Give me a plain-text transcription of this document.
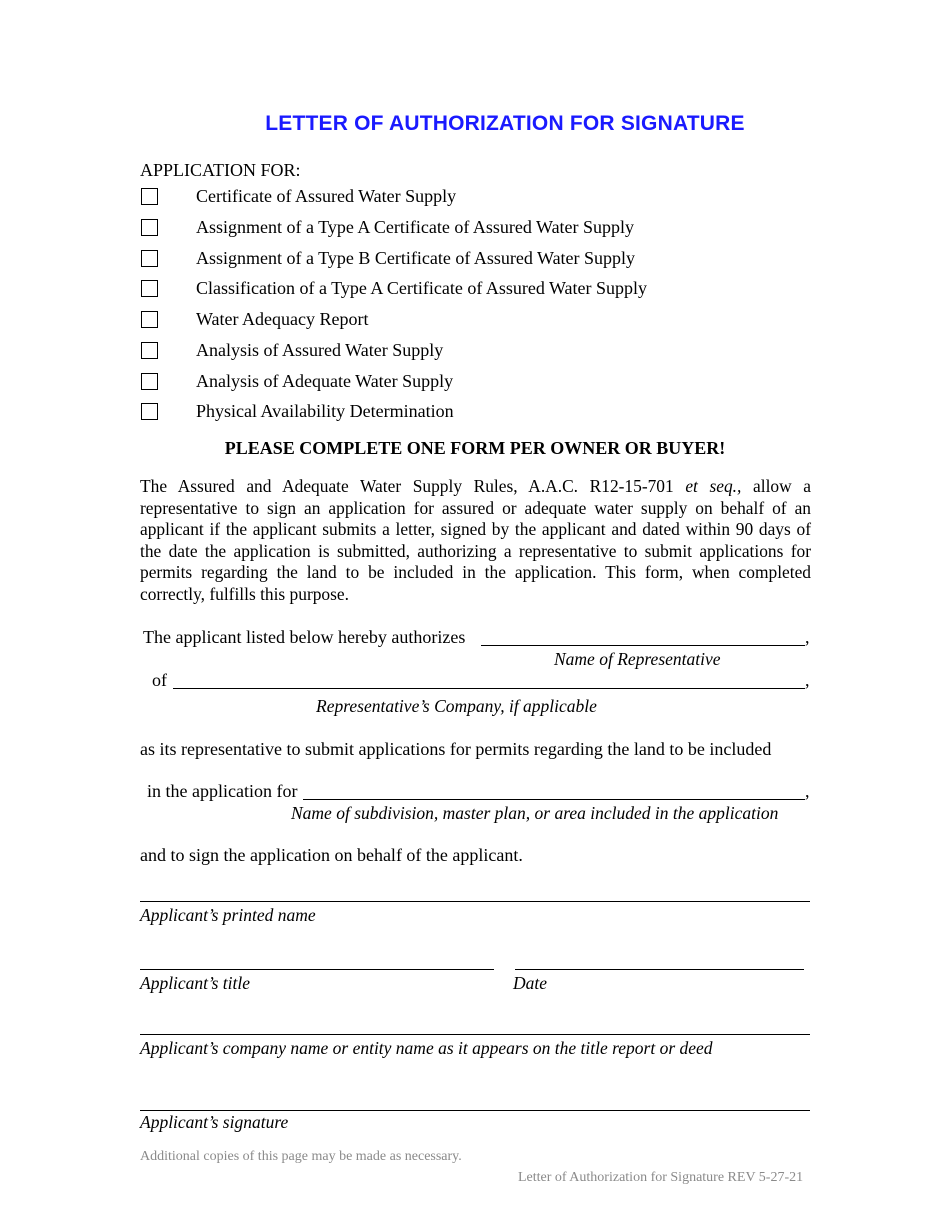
LETTER OF AUTHORIZATION FOR SIGNATURE
APPLICATION FOR:
Certificate of Assured Water Supply
Assignment of a Type A Certificate of Assured Water Supply
Assignment of a Type B Certificate of Assured Water Supply
Classification of a Type A Certificate of Assured Water Supply
Water Adequacy Report
Analysis of Assured Water Supply
Analysis of Adequate Water Supply
Physical Availability Determination
PLEASE COMPLETE ONE FORM PER OWNER OR BUYER!
The Assured and Adequate Water Supply Rules, A.A.C. R12-15-701 et seq., allow a representative to sign an application for assured or adequate water supply on behalf of an applicant if the applicant submits a letter, signed by the applicant and dated within 90 days of the date the application is submitted, authorizing a representative to submit applications for permits regarding the land to be included in the application. This form, when completed correctly, fulfills this purpose.
The applicant listed below hereby authorizes	,
Name of Representative
of	,
Representative’s Company, if applicable
as its representative to submit applications for permits regarding the land to be included
in the application for	,
Name of subdivision, master plan, or area included in the application
and to sign the application on behalf of the applicant.
Applicant’s printed name
Applicant’s title	Date
Applicant’s company name or entity name as it appears on the title report or deed
Applicant’s signature
Additional copies of this page may be made as necessary.
Letter of Authorization for Signature REV 5-27-21
